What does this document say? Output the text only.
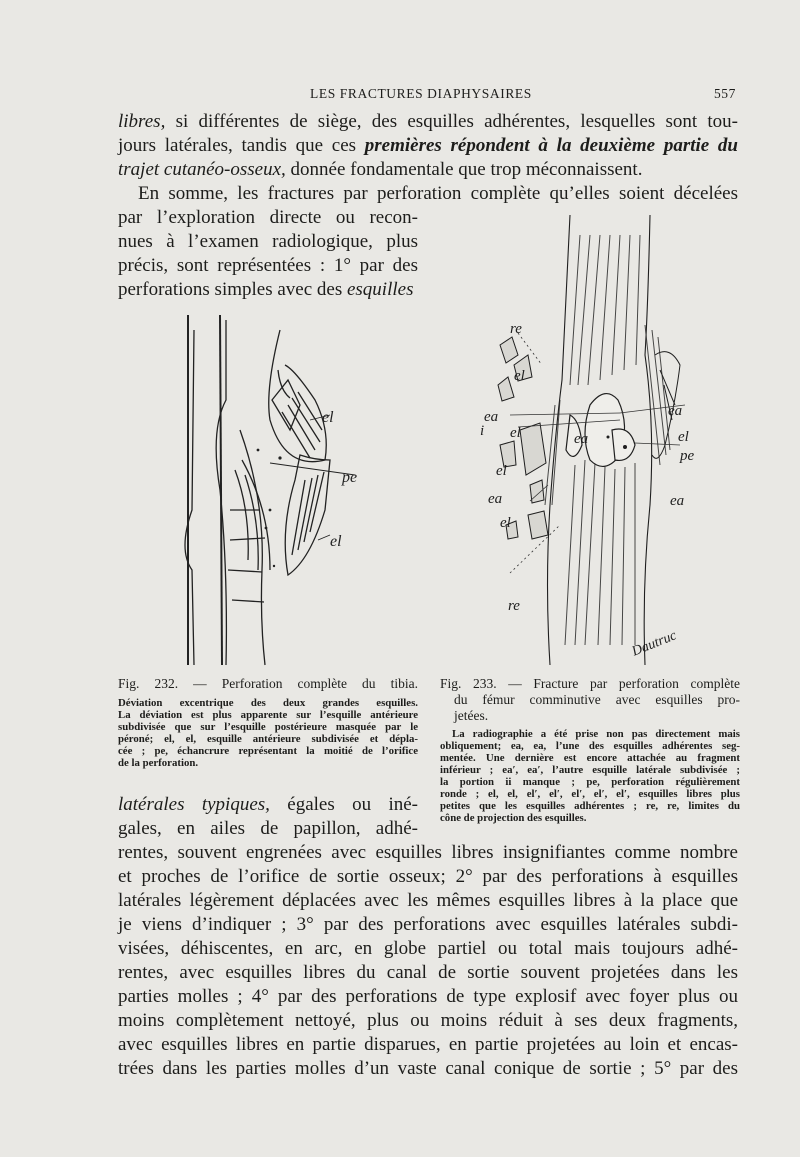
LES FRACTURES DIAPHYSAIRES	557
libres, si différentes de siège, des esquilles adhérentes, lesquelles sont tou-
jours latérales, tandis que ces premières répondent à la deuxième partie du
trajet cutanéo-osseux, donnée fondamentale que trop méconnaissent.
En somme, les fractures par perforation complète qu’elles soient décelées
par l’exploration directe ou recon-
nues à l’examen radiologique, plus
précis, sont représentées : 1° par des
perforations simples avec des esquilles
el
pe
el
re
el
ea
i el
ea
el
pe
el
ea
ea
el
ea
re
Dautruc
Fig. 232. — Perforation complète du tibia.
Déviation excentrique des deux grandes esquilles.
La déviation est plus apparente sur l’esquille antérieure
subdivisée que sur l’esquille postérieure masquée par le
péroné; el, el, esquille antérieure subdivisée et dépla-
cée ; pe, échancrure représentant la moitié de l’orifice
de la perforation.
Fig. 233. — Fracture par perforation complète
du fémur comminutive avec esquilles pro-
jetées.
La radiographie a été prise non pas directement mais
obliquement; ea, ea, l’une des esquilles adhérentes seg-
mentée. Une dernière est encore attachée au fragment
inférieur ; ea′, ea′, l’autre esquille latérale subdivisée ;
la portion ii manque ; pe, perforation régulièrement
ronde ; el, el, el′, el′, el′, el′, el′, esquilles libres plus
petites que les esquilles adhérentes ; re, re, limites du
cône de projection des esquilles.
latérales typiques, égales ou iné-
gales, en ailes de papillon, adhé-
rentes, souvent engrenées avec esquilles libres insignifiantes comme nombre
et proches de l’orifice de sortie osseux; 2° par des perforations à esquilles
latérales légèrement déplacées avec les mêmes esquilles libres à la place que
je viens d’indiquer ; 3° par des perforations avec esquilles latérales subdi-
visées, déhiscentes, en arc, en globe partiel ou total mais toujours adhé-
rentes, avec esquilles libres du canal de sortie souvent projetées dans les
parties molles ; 4° par des perforations de type explosif avec foyer plus ou
moins complètement nettoyé, plus ou moins réduit à ses deux fragments,
avec esquilles libres en partie disparues, en partie projetées au loin et encas-
trées dans les parties molles d’un vaste canal conique de sortie ; 5° par des
